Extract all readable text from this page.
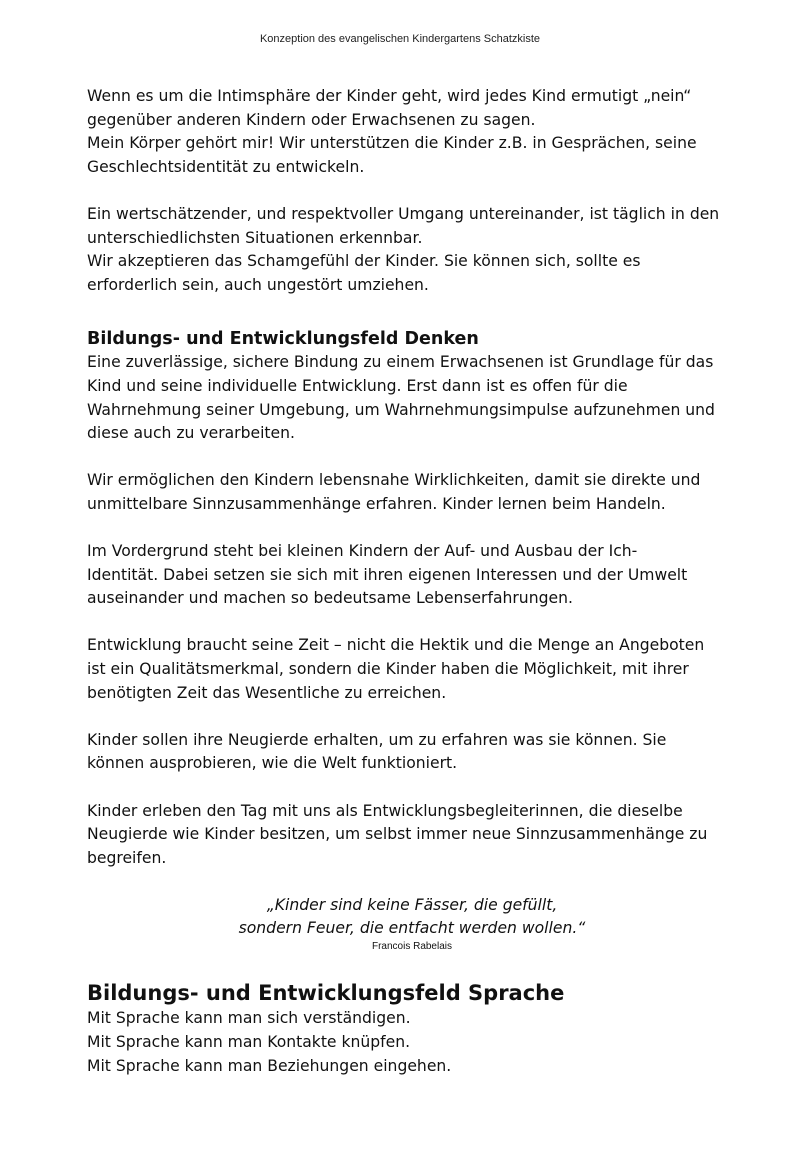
Konzeption des evangelischen Kindergartens Schatzkiste

Wenn es um die Intimsphäre der Kinder geht, wird jedes Kind ermutigt „nein“
gegenüber anderen Kindern oder Erwachsenen zu sagen.
Mein Körper gehört mir! Wir unterstützen die Kinder z.B. in Gesprächen, seine
Geschlechtsidentität zu entwickeln.

Ein wertschätzender, und respektvoller Umgang untereinander, ist täglich in den
unterschiedlichsten Situationen erkennbar.
Wir akzeptieren das Schamgefühl der Kinder. Sie können sich, sollte es
erforderlich sein, auch ungestört umziehen.

Bildungs- und Entwicklungsfeld Denken

Eine zuverlässige, sichere Bindung zu einem Erwachsenen ist Grundlage für das
Kind und seine individuelle Entwicklung. Erst dann ist es offen für die
Wahrnehmung seiner Umgebung, um Wahrnehmungsimpulse aufzunehmen und
diese auch zu verarbeiten.

Wir ermöglichen den Kindern lebensnahe Wirklichkeiten, damit sie direkte und
unmittelbare Sinnzusammenhänge erfahren. Kinder lernen beim Handeln.

Im Vordergrund steht bei kleinen Kindern der Auf- und Ausbau der Ich-
Identität. Dabei setzen sie sich mit ihren eigenen Interessen und der Umwelt
auseinander und machen so bedeutsame Lebenserfahrungen.

Entwicklung braucht seine Zeit – nicht die Hektik und die Menge an Angeboten
ist ein Qualitätsmerkmal, sondern die Kinder haben die Möglichkeit, mit ihrer
benötigten Zeit das Wesentliche zu erreichen.

Kinder sollen ihre Neugierde erhalten, um zu erfahren was sie können. Sie
können ausprobieren, wie die Welt funktioniert.

Kinder erleben den Tag mit uns als Entwicklungsbegleiterinnen, die dieselbe
Neugierde wie Kinder besitzen, um selbst immer neue Sinnzusammenhänge zu
begreifen.

„Kinder sind keine Fässer, die gefüllt,
sondern Feuer, die entfacht werden wollen.“
Francois Rabelais
Bildungs- und Entwicklungsfeld Sprache

Mit Sprache kann man sich verständigen.
Mit Sprache kann man Kontakte knüpfen.
Mit Sprache kann man Beziehungen eingehen.
